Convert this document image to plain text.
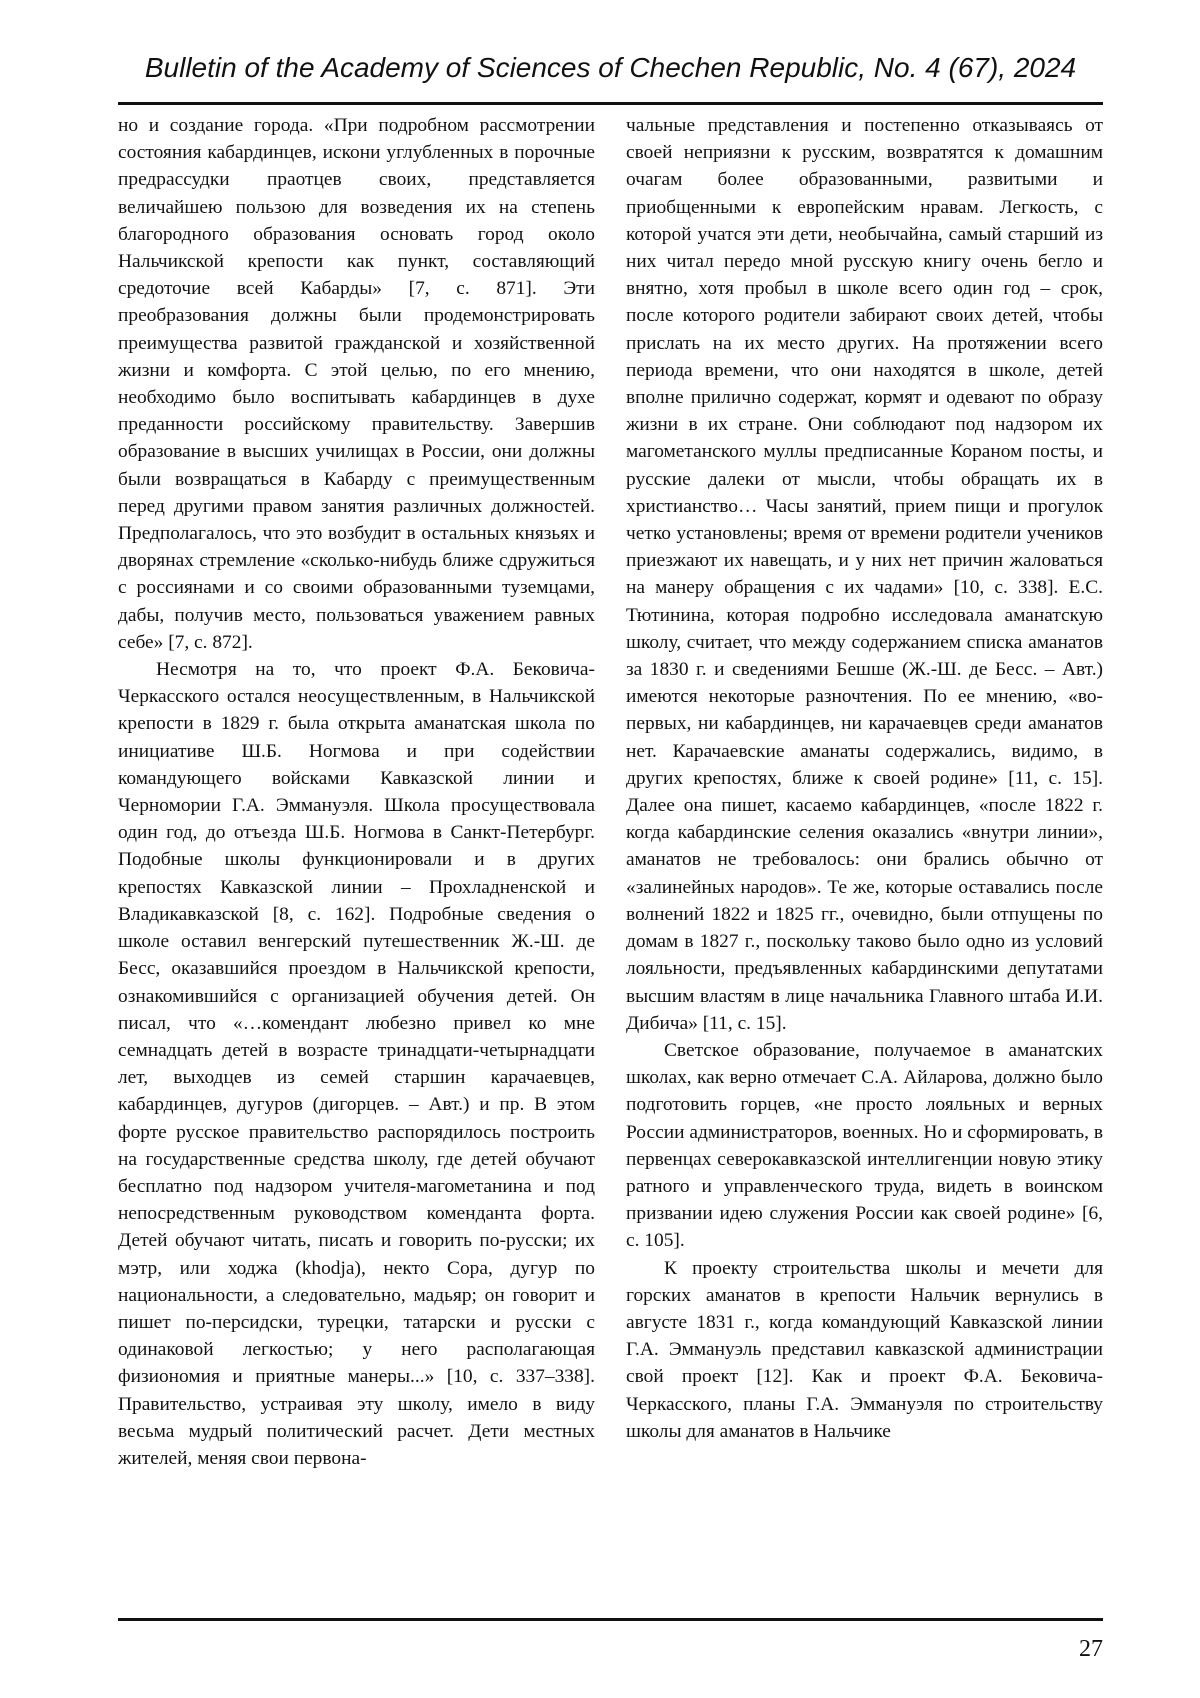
Bulletin of the Academy of Sciences of Chechen Republic, No. 4 (67), 2024

но и создание города. «При подробном рассмотрении состояния кабардинцев, искони углубленных в порочные предрассудки праотцев своих, представляется величайшею пользою для возведения их на степень благородного образования основать город около Нальчикской крепости как пункт, составляющий средоточие всей Кабарды» [7, с. 871]. Эти преобразования должны были продемонстрировать преимущества развитой гражданской и хозяйственной жизни и комфорта. С этой целью, по его мнению, необходимо было воспитывать кабардинцев в духе преданности российскому правительству. Завершив образование в высших училищах в России, они должны были возвращаться в Кабарду с преимущественным перед другими правом занятия различных должностей. Предполагалось, что это возбудит в остальных князьях и дворянах стремление «сколько-нибудь ближе сдружиться с россиянами и со своими образованными туземцами, дабы, получив место, пользоваться уважением равных себе» [7, с. 872].

Несмотря на то, что проект Ф.А. Бековича-Черкасского остался неосуществленным, в Нальчикской крепости в 1829 г. была открыта аманатская школа по инициативе Ш.Б. Ногмова и при содействии командующего войсками Кавказской линии и Черномории Г.А. Эммануэля. Школа просуществовала один год, до отъезда Ш.Б. Ногмова в Санкт-Петербург. Подобные школы функционировали и в других крепостях Кавказской линии – Прохладненской и Владикавказской [8, с. 162]. Подробные сведения о школе оставил венгерский путешественник Ж.-Ш. де Бесс, оказавшийся проездом в Нальчикской крепости, ознакомившийся с организацией обучения детей. Он писал, что «…комендант любезно привел ко мне семнадцать детей в возрасте тринадцати-четырнадцати лет, выходцев из семей старшин карачаевцев, кабардинцев, дугуров (дигорцев. – Авт.) и пр. В этом форте русское правительство распорядилось построить на государственные средства школу, где детей обучают бесплатно под надзором учителя-магометанина и под непосредственным руководством коменданта форта. Детей обучают читать, писать и говорить по-русски; их мэтр, или ходжа (khodja), некто Сора, дугур по национальности, а следовательно, мадьяр; он говорит и пишет по-персидски, турецки, татарски и русски с одинаковой легкостью; у него располагающая физиономия и приятные манеры...» [10, с. 337–338]. Правительство, устраивая эту школу, имело в виду весьма мудрый политический расчет. Дети местных жителей, меняя свои первона-

чальные представления и постепенно отказываясь от своей неприязни к русским, возвратятся к домашним очагам более образованными, развитыми и приобщенными к европейским нравам. Легкость, с которой учатся эти дети, необычайна, самый старший из них читал передо мной русскую книгу очень бегло и внятно, хотя пробыл в школе всего один год – срок, после которого родители забирают своих детей, чтобы прислать на их место других. На протяжении всего периода времени, что они находятся в школе, детей вполне прилично содержат, кормят и одевают по образу жизни в их стране. Они соблюдают под надзором их магометанского муллы предписанные Кораном посты, и русские далеки от мысли, чтобы обращать их в христианство… Часы занятий, прием пищи и прогулок четко установлены; время от времени родители учеников приезжают их навещать, и у них нет причин жаловаться на манеру обращения с их чадами» [10, с. 338]. Е.С. Тютинина, которая подробно исследовала аманатскую школу, считает, что между содержанием списка аманатов за 1830 г. и сведениями Бешше (Ж.-Ш. де Бесс. – Авт.) имеются некоторые разночтения. По ее мнению, «во-первых, ни кабардинцев, ни карачаевцев среди аманатов нет. Карачаевские аманаты содержались, видимо, в других крепостях, ближе к своей родине» [11, с. 15]. Далее она пишет, касаемо кабардинцев, «после 1822 г. когда кабардинские селения оказались «внутри линии», аманатов не требовалось: они брались обычно от «залинейных народов». Те же, которые оставались после волнений 1822 и 1825 гг., очевидно, были отпущены по домам в 1827 г., поскольку таково было одно из условий лояльности, предъявленных кабардинскими депутатами высшим властям в лице начальника Главного штаба И.И. Дибича» [11, с. 15].

Светское образование, получаемое в аманатских школах, как верно отмечает С.А. Айларова, должно было подготовить горцев, «не просто лояльных и верных России администраторов, военных. Но и сформировать, в первенцах северокавказской интеллигенции новую этику ратного и управленческого труда, видеть в воинском призвании идею служения России как своей родине» [6, с. 105].

К проекту строительства школы и мечети для горских аманатов в крепости Нальчик вернулись в августе 1831 г., когда командующий Кавказской линии Г.А. Эммануэль представил кавказской администрации свой проект [12]. Как и проект Ф.А. Бековича-Черкасского, планы Г.А. Эммануэля по строительству школы для аманатов в Нальчике

27
